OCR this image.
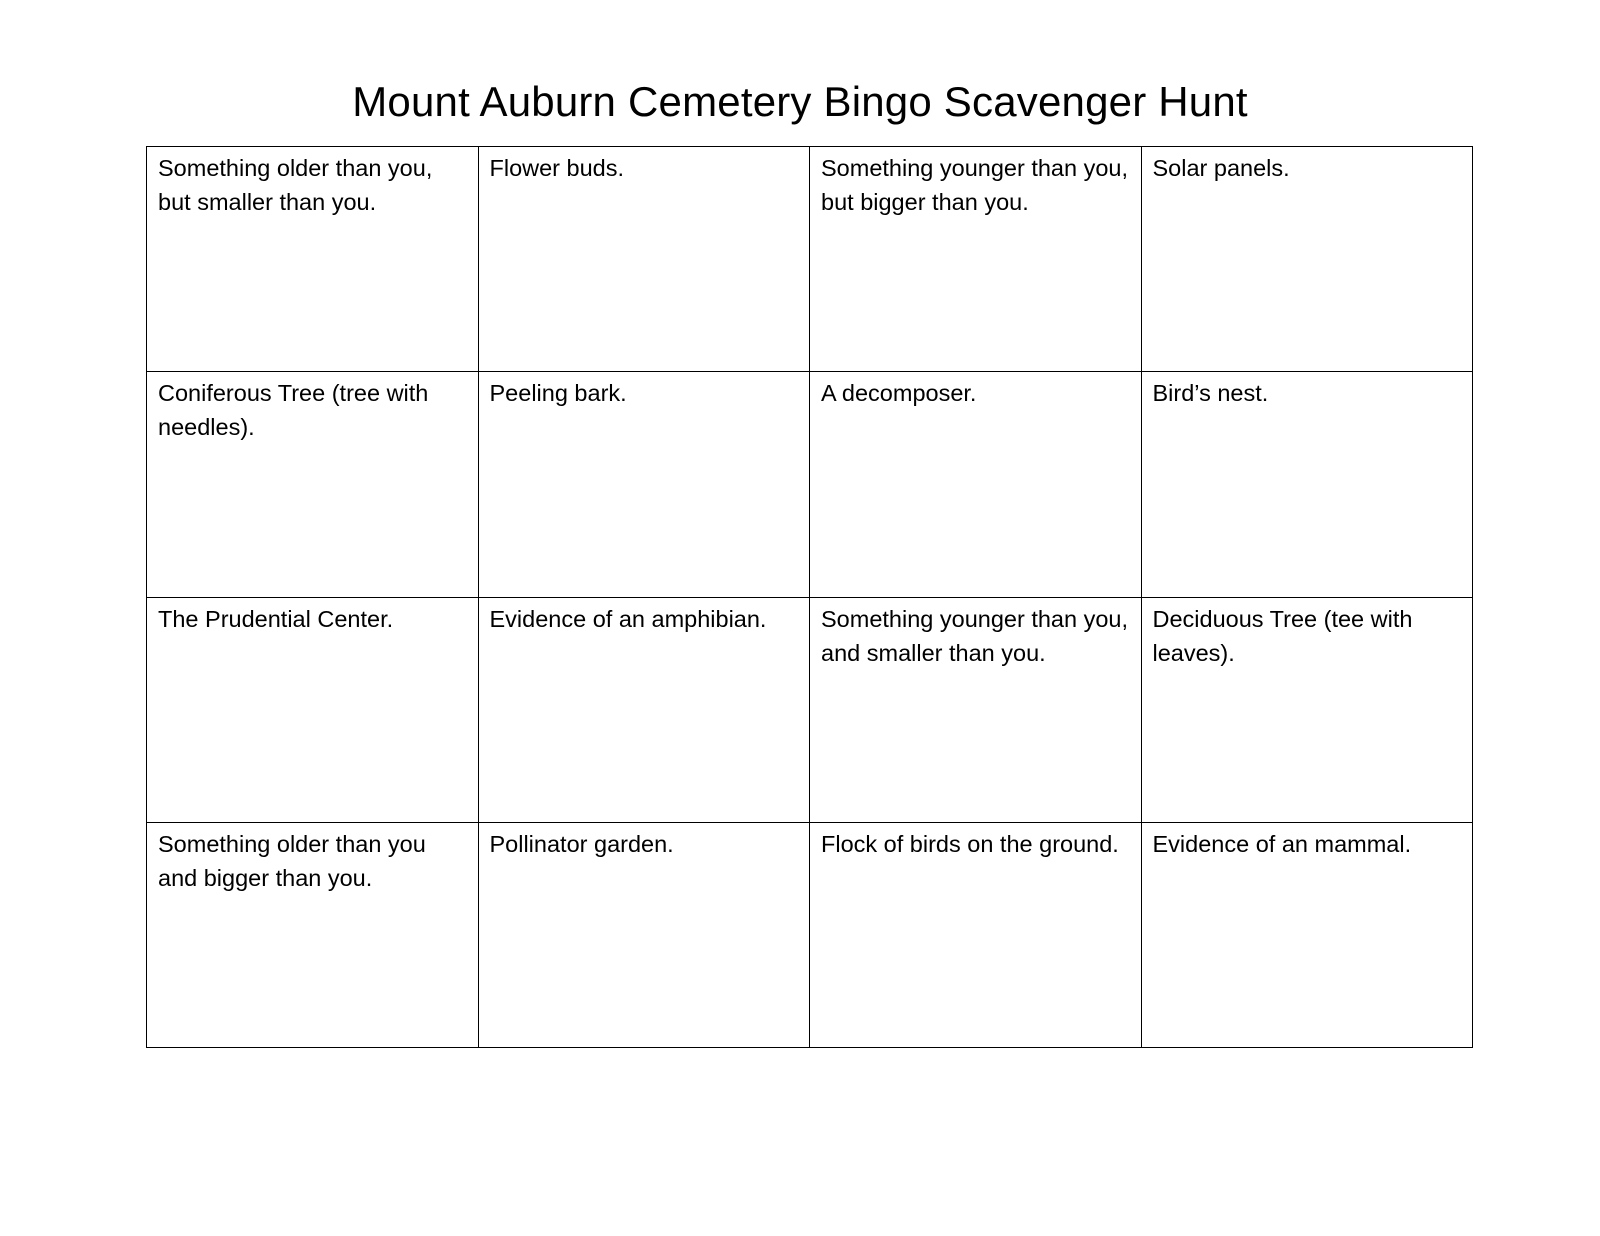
Mount Auburn Cemetery Bingo Scavenger Hunt
Something older than you, but smaller than you.	Flower buds.	Something younger than you, but bigger than you.	Solar panels.
Coniferous Tree (tree with needles).	Peeling bark.	A decomposer.	Bird’s nest.
The Prudential Center.	Evidence of an amphibian.	Something younger than you, and smaller than you.	Deciduous Tree (tee with leaves).
Something older than you and bigger than you.	Pollinator garden.	Flock of birds on the ground.	Evidence of an mammal.
